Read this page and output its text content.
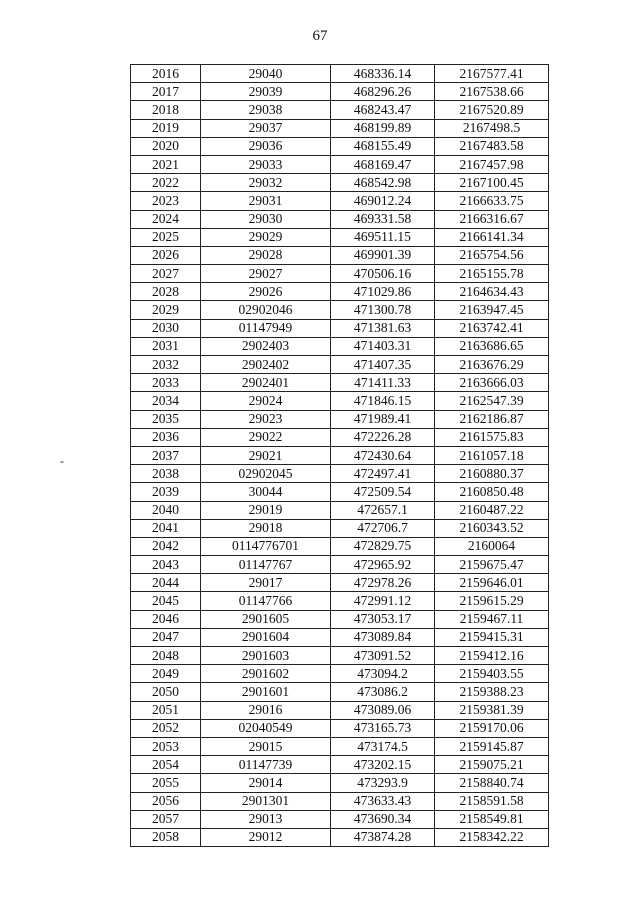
67
-
2016	29040	468336.14	2167577.41
2017	29039	468296.26	2167538.66
2018	29038	468243.47	2167520.89
2019	29037	468199.89	2167498.5
2020	29036	468155.49	2167483.58
2021	29033	468169.47	2167457.98
2022	29032	468542.98	2167100.45
2023	29031	469012.24	2166633.75
2024	29030	469331.58	2166316.67
2025	29029	469511.15	2166141.34
2026	29028	469901.39	2165754.56
2027	29027	470506.16	2165155.78
2028	29026	471029.86	2164634.43
2029	02902046	471300.78	2163947.45
2030	01147949	471381.63	2163742.41
2031	2902403	471403.31	2163686.65
2032	2902402	471407.35	2163676.29
2033	2902401	471411.33	2163666.03
2034	29024	471846.15	2162547.39
2035	29023	471989.41	2162186.87
2036	29022	472226.28	2161575.83
2037	29021	472430.64	2161057.18
2038	02902045	472497.41	2160880.37
2039	30044	472509.54	2160850.48
2040	29019	472657.1	2160487.22
2041	29018	472706.7	2160343.52
2042	0114776701	472829.75	2160064
2043	01147767	472965.92	2159675.47
2044	29017	472978.26	2159646.01
2045	01147766	472991.12	2159615.29
2046	2901605	473053.17	2159467.11
2047	2901604	473089.84	2159415.31
2048	2901603	473091.52	2159412.16
2049	2901602	473094.2	2159403.55
2050	2901601	473086.2	2159388.23
2051	29016	473089.06	2159381.39
2052	02040549	473165.73	2159170.06
2053	29015	473174.5	2159145.87
2054	01147739	473202.15	2159075.21
2055	29014	473293.9	2158840.74
2056	2901301	473633.43	2158591.58
2057	29013	473690.34	2158549.81
2058	29012	473874.28	2158342.22
